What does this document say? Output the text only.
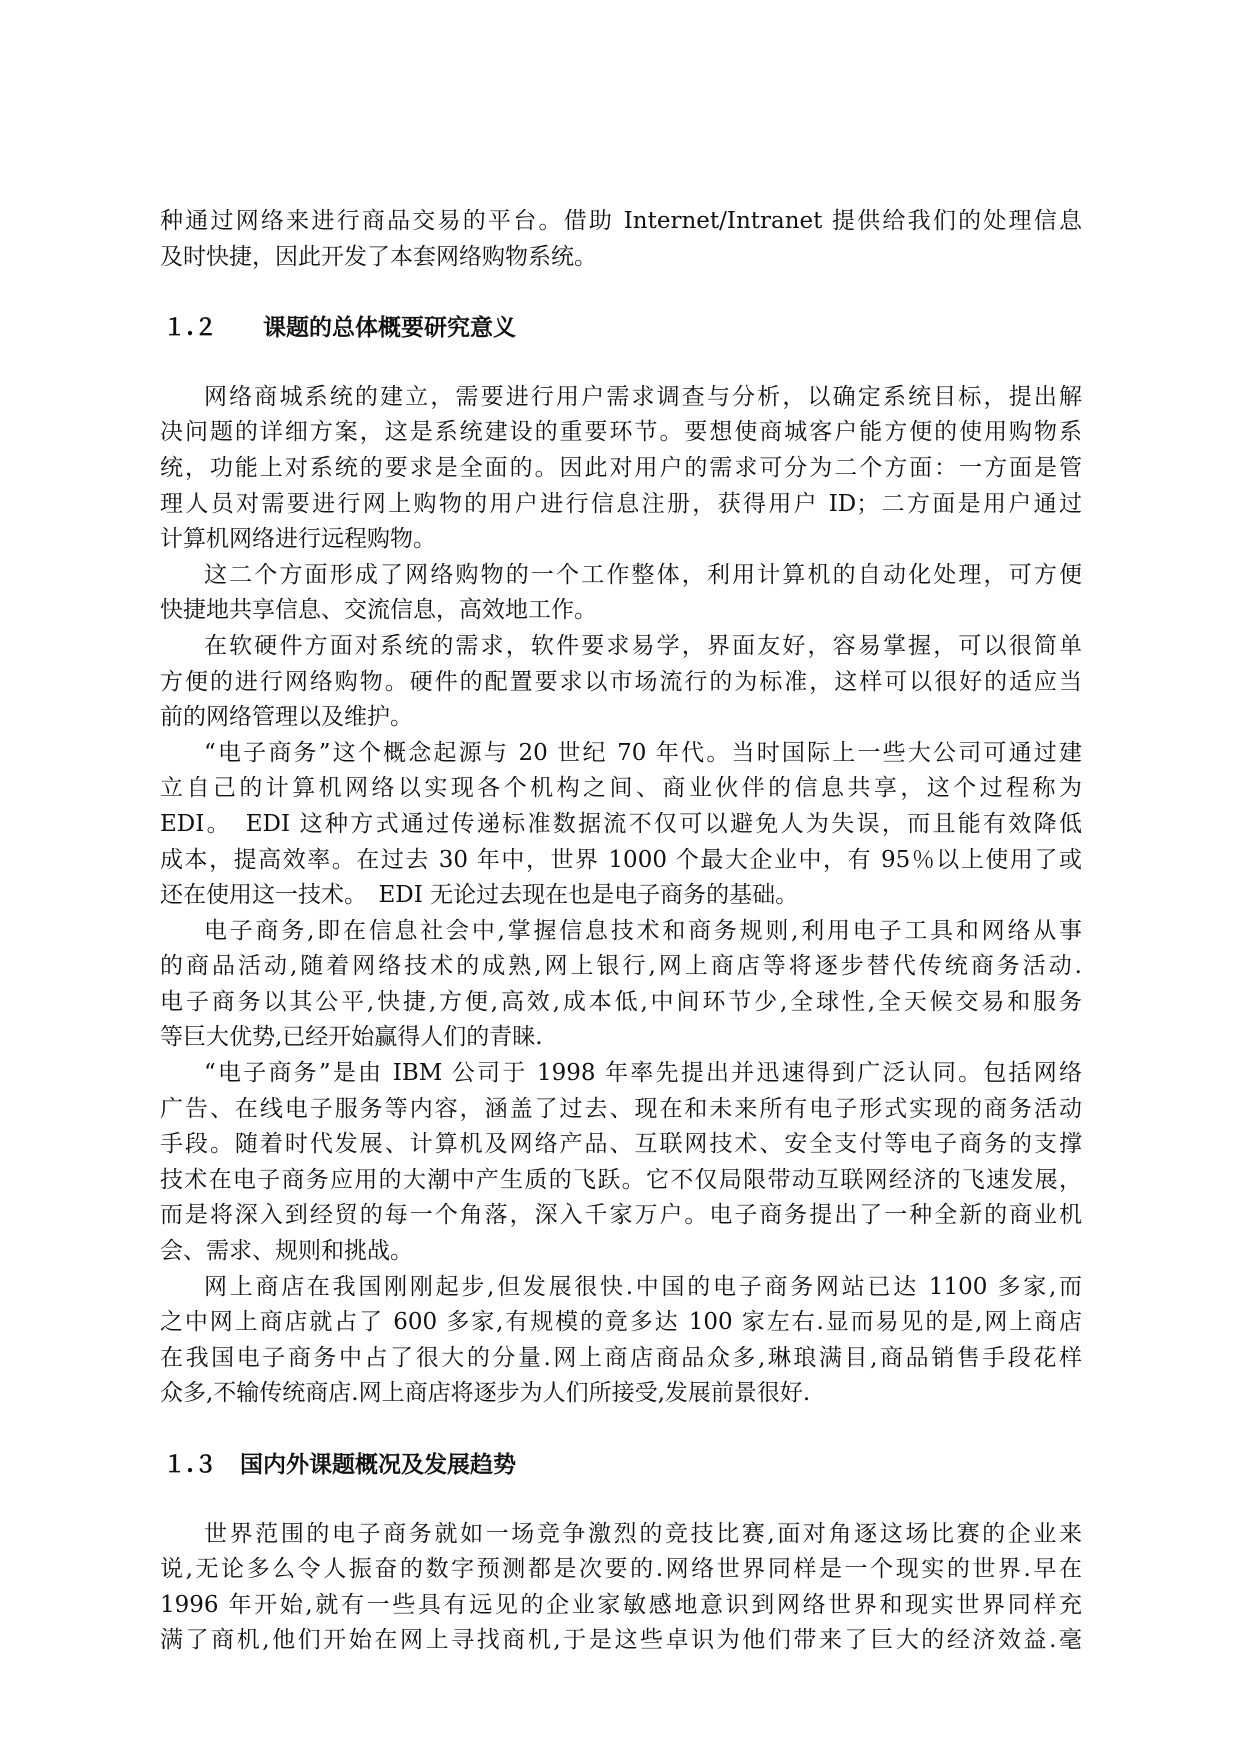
种通过网络来进行商品交易的平台。借助 Internet/Intranet 提供给我们的处理信息
及时快捷，因此开发了本套网络购物系统。
１.２　　课题的总体概要研究意义
网络商城系统的建立，需要进行用户需求调查与分析，以确定系统目标，提出解
决问题的详细方案，这是系统建设的重要环节。要想使商城客户能方便的使用购物系
统，功能上对系统的要求是全面的。因此对用户的需求可分为二个方面：一方面是管
理人员对需要进行网上购物的用户进行信息注册，获得用户 ID；二方面是用户通过
计算机网络进行远程购物。
这二个方面形成了网络购物的一个工作整体，利用计算机的自动化处理，可方便
快捷地共享信息、交流信息，高效地工作。
在软硬件方面对系统的需求，软件要求易学，界面友好，容易掌握，可以很简单
方便的进行网络购物。硬件的配置要求以市场流行的为标准，这样可以很好的适应当
前的网络管理以及维护。
“电子商务”这个概念起源与 20 世纪 70 年代。当时国际上一些大公司可通过建
立自己的计算机网络以实现各个机构之间、商业伙伴的信息共享，这个过程称为
EDI。　EDI 这种方式通过传递标准数据流不仅可以避免人为失误，而且能有效降低
成本，提高效率。在过去 30 年中，世界 1000 个最大企业中，有 95％以上使用了或
还在使用这一技术。　EDI 无论过去现在也是电子商务的基础。
电子商务,即在信息社会中,掌握信息技术和商务规则,利用电子工具和网络从事
的商品活动,随着网络技术的成熟,网上银行,网上商店等将逐步替代传统商务活动.
电子商务以其公平,快捷,方便,高效,成本低,中间环节少,全球性,全天候交易和服务
等巨大优势,已经开始赢得人们的青睐.
“电子商务”是由 IBM 公司于 1998 年率先提出并迅速得到广泛认同。包括网络
广告、在线电子服务等内容，涵盖了过去、现在和未来所有电子形式实现的商务活动
手段。随着时代发展、计算机及网络产品、互联网技术、安全支付等电子商务的支撑
技术在电子商务应用的大潮中产生质的飞跃。它不仅局限带动互联网经济的飞速发展，
而是将深入到经贸的每一个角落，深入千家万户。电子商务提出了一种全新的商业机
会、需求、规则和挑战。
网上商店在我国刚刚起步,但发展很快.中国的电子商务网站已达 1100 多家,而
之中网上商店就占了 600 多家,有规模的竟多达 100 家左右.显而易见的是,网上商店
在我国电子商务中占了很大的分量.网上商店商品众多,琳琅满目,商品销售手段花样
众多,不输传统商店.网上商店将逐步为人们所接受,发展前景很好.
１.３　国内外课题概况及发展趋势
世界范围的电子商务就如一场竞争激烈的竞技比赛,面对角逐这场比赛的企业来
说,无论多么令人振奋的数字预测都是次要的.网络世界同样是一个现实的世界.早在
1996 年开始,就有一些具有远见的企业家敏感地意识到网络世界和现实世界同样充
满了商机,他们开始在网上寻找商机,于是这些卓识为他们带来了巨大的经济效益.毫
